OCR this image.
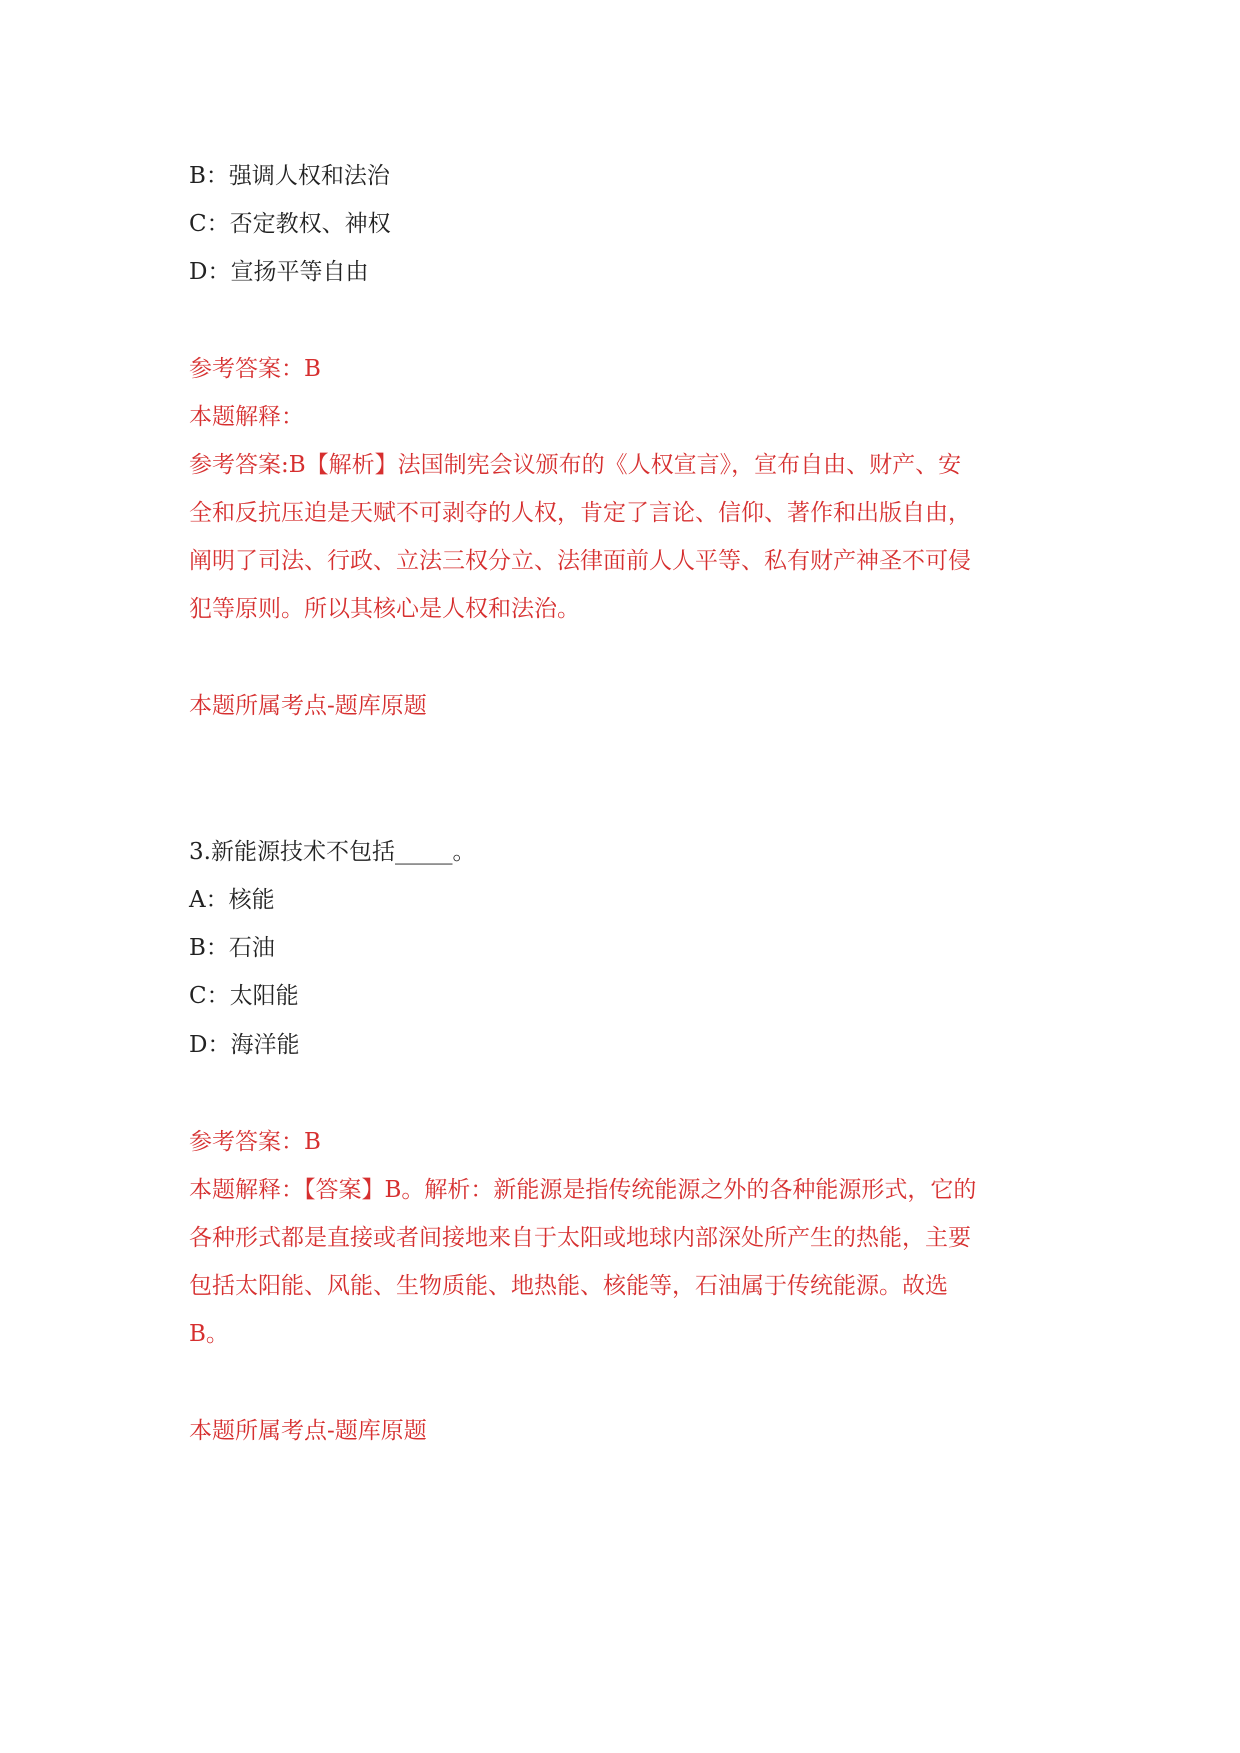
B：强调人权和法治
C：否定教权、神权
D：宣扬平等自由
参考答案：B
本题解释：
参考答案:B【解析】法国制宪会议颁布的《人权宣言》，宣布自由、财产、安
全和反抗压迫是天赋不可剥夺的人权，肯定了言论、信仰、著作和出版自由，
阐明了司法、行政、立法三权分立、法律面前人人平等、私有财产神圣不可侵
犯等原则。所以其核心是人权和法治。
本题所属考点-题库原题
3.新能源技术不包括_____。
A：核能
B：石油
C：太阳能
D：海洋能
参考答案：B
本题解释：【答案】B。解析：新能源是指传统能源之外的各种能源形式，它的
各种形式都是直接或者间接地来自于太阳或地球内部深处所产生的热能，主要
包括太阳能、风能、生物质能、地热能、核能等，石油属于传统能源。故选
B。
本题所属考点-题库原题
